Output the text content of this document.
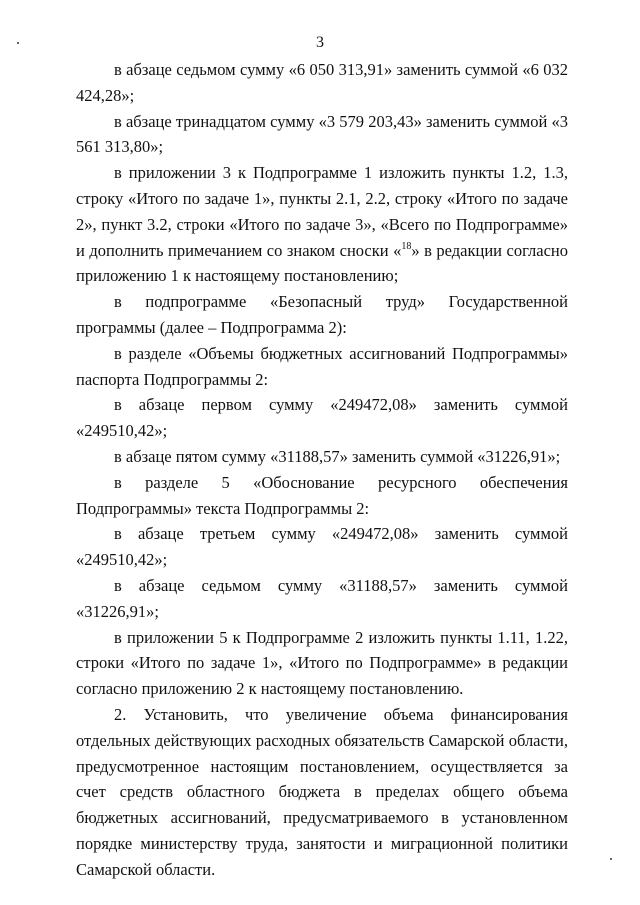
3

в абзаце седьмом сумму «6 050 313,91» заменить суммой «6 032 424,28»;

в абзаце тринадцатом сумму «3 579 203,43» заменить суммой «3 561 313,80»;

в приложении 3 к Подпрограмме 1 изложить пункты 1.2, 1.3, строку «Итого по задаче 1», пункты 2.1, 2.2, строку «Итого по задаче 2», пункт 3.2, строки «Итого по задаче 3», «Всего по Подпрограмме» и дополнить примечанием со знаком сноски «$^{18}$» в редакции согласно приложению 1 к настоящему постановлению;

в подпрограмме «Безопасный труд» Государственной программы (далее – Подпрограмма 2):

в разделе «Объемы бюджетных ассигнований Подпрограммы» паспорта Подпрограммы 2:

в абзаце первом сумму «249472,08» заменить суммой «249510,42»;

в абзаце пятом сумму «31188,57» заменить суммой «31226,91»;

в разделе 5 «Обоснование ресурсного обеспечения Подпрограммы» текста Подпрограммы 2:

в абзаце третьем сумму «249472,08» заменить суммой «249510,42»;

в абзаце седьмом сумму «31188,57» заменить суммой «31226,91»;

в приложении 5 к Подпрограмме 2 изложить пункты 1.11, 1.22, строки «Итого по задаче 1», «Итого по Подпрограмме» в редакции согласно приложению 2 к настоящему постановлению.

2. Установить, что увеличение объема финансирования отдельных действующих расходных обязательств Самарской области, предусмотренное настоящим постановлением, осуществляется за счет средств областного бюджета в пределах общего объема бюджетных ассигнований, предусматриваемого в установленном порядке министерству труда, занятости и миграционной политики Самарской области.
